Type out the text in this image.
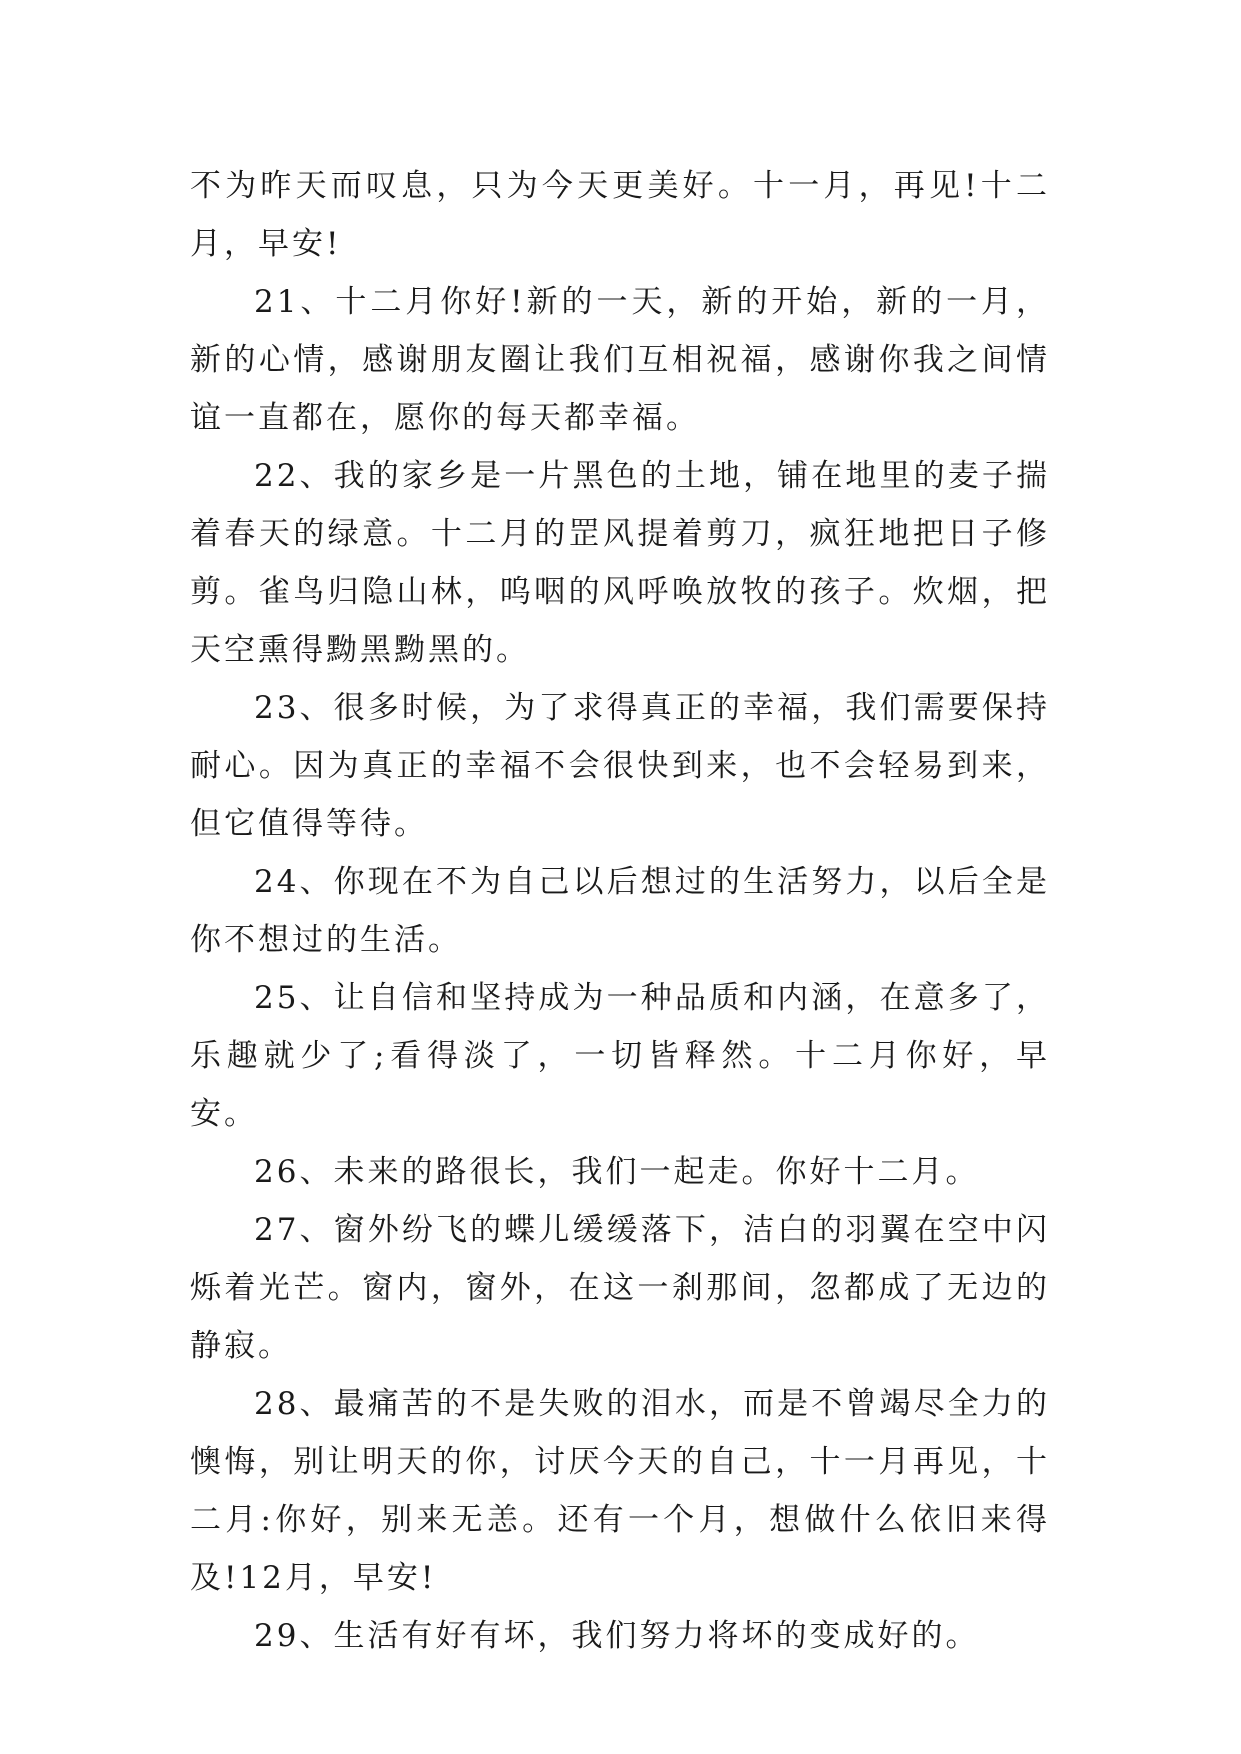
不为昨天而叹息，只为今天更美好。十一月，再见!十二月，早安!

21、十二月你好!新的一天，新的开始，新的一月，新的心情，感谢朋友圈让我们互相祝福，感谢你我之间情谊一直都在，愿你的每天都幸福。

22、我的家乡是一片黑色的土地，铺在地里的麦子揣着春天的绿意。十二月的罡风提着剪刀，疯狂地把日子修剪。雀鸟归隐山林，呜咽的风呼唤放牧的孩子。炊烟，把天空熏得黝黑黝黑的。

23、很多时候，为了求得真正的幸福，我们需要保持耐心。因为真正的幸福不会很快到来，也不会轻易到来，但它值得等待。

24、你现在不为自己以后想过的生活努力，以后全是你不想过的生活。

25、让自信和坚持成为一种品质和内涵，在意多了，乐趣就少了;看得淡了，一切皆释然。十二月你好，早安。

26、未来的路很长，我们一起走。你好十二月。

27、窗外纷飞的蝶儿缓缓落下，洁白的羽翼在空中闪烁着光芒。窗内，窗外，在这一刹那间，忽都成了无边的静寂。

28、最痛苦的不是失败的泪水，而是不曾竭尽全力的懊悔，别让明天的你，讨厌今天的自己，十一月再见，十二月:你好，别来无恙。还有一个月，想做什么依旧来得及!12月，早安!

29、生活有好有坏，我们努力将坏的变成好的。
